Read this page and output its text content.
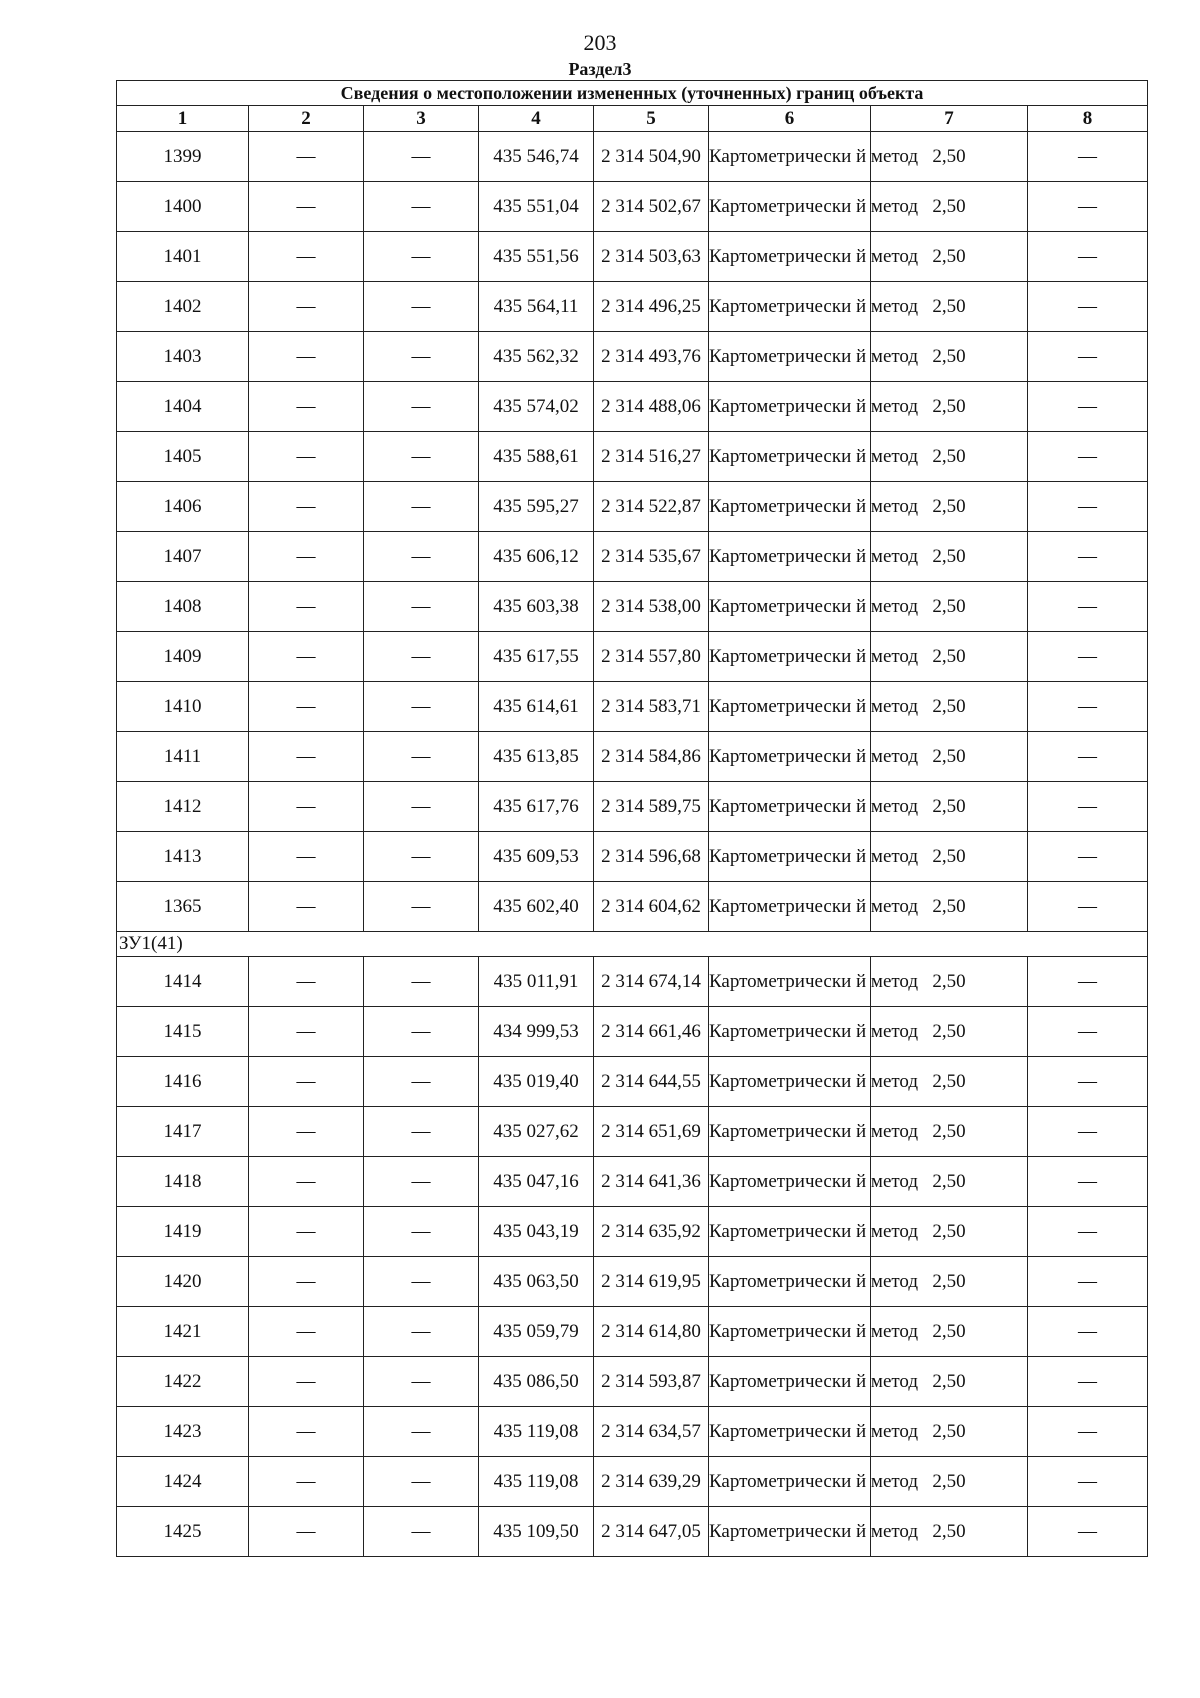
203
Раздел3
Сведения о местоположении измененных (уточненных) границ объекта							
1	2	3	4	5	6	7	8
1399	—	—	435 546,74	2 314 504,90	Картометрически й метод	2,50	—
1400	—	—	435 551,04	2 314 502,67	Картометрически й метод	2,50	—
1401	—	—	435 551,56	2 314 503,63	Картометрически й метод	2,50	—
1402	—	—	435 564,11	2 314 496,25	Картометрически й метод	2,50	—
1403	—	—	435 562,32	2 314 493,76	Картометрически й метод	2,50	—
1404	—	—	435 574,02	2 314 488,06	Картометрически й метод	2,50	—
1405	—	—	435 588,61	2 314 516,27	Картометрически й метод	2,50	—
1406	—	—	435 595,27	2 314 522,87	Картометрически й метод	2,50	—
1407	—	—	435 606,12	2 314 535,67	Картометрически й метод	2,50	—
1408	—	—	435 603,38	2 314 538,00	Картометрически й метод	2,50	—
1409	—	—	435 617,55	2 314 557,80	Картометрически й метод	2,50	—
1410	—	—	435 614,61	2 314 583,71	Картометрически й метод	2,50	—
1411	—	—	435 613,85	2 314 584,86	Картометрически й метод	2,50	—
1412	—	—	435 617,76	2 314 589,75	Картометрически й метод	2,50	—
1413	—	—	435 609,53	2 314 596,68	Картометрически й метод	2,50	—
1365	—	—	435 602,40	2 314 604,62	Картометрически й метод	2,50	—
ЗУ1(41)							
1414	—	—	435 011,91	2 314 674,14	Картометрически й метод	2,50	—
1415	—	—	434 999,53	2 314 661,46	Картометрически й метод	2,50	—
1416	—	—	435 019,40	2 314 644,55	Картометрически й метод	2,50	—
1417	—	—	435 027,62	2 314 651,69	Картометрически й метод	2,50	—
1418	—	—	435 047,16	2 314 641,36	Картометрически й метод	2,50	—
1419	—	—	435 043,19	2 314 635,92	Картометрически й метод	2,50	—
1420	—	—	435 063,50	2 314 619,95	Картометрически й метод	2,50	—
1421	—	—	435 059,79	2 314 614,80	Картометрически й метод	2,50	—
1422	—	—	435 086,50	2 314 593,87	Картометрически й метод	2,50	—
1423	—	—	435 119,08	2 314 634,57	Картометрически й метод	2,50	—
1424	—	—	435 119,08	2 314 639,29	Картометрически й метод	2,50	—
1425	—	—	435 109,50	2 314 647,05	Картометрически й метод	2,50	—
